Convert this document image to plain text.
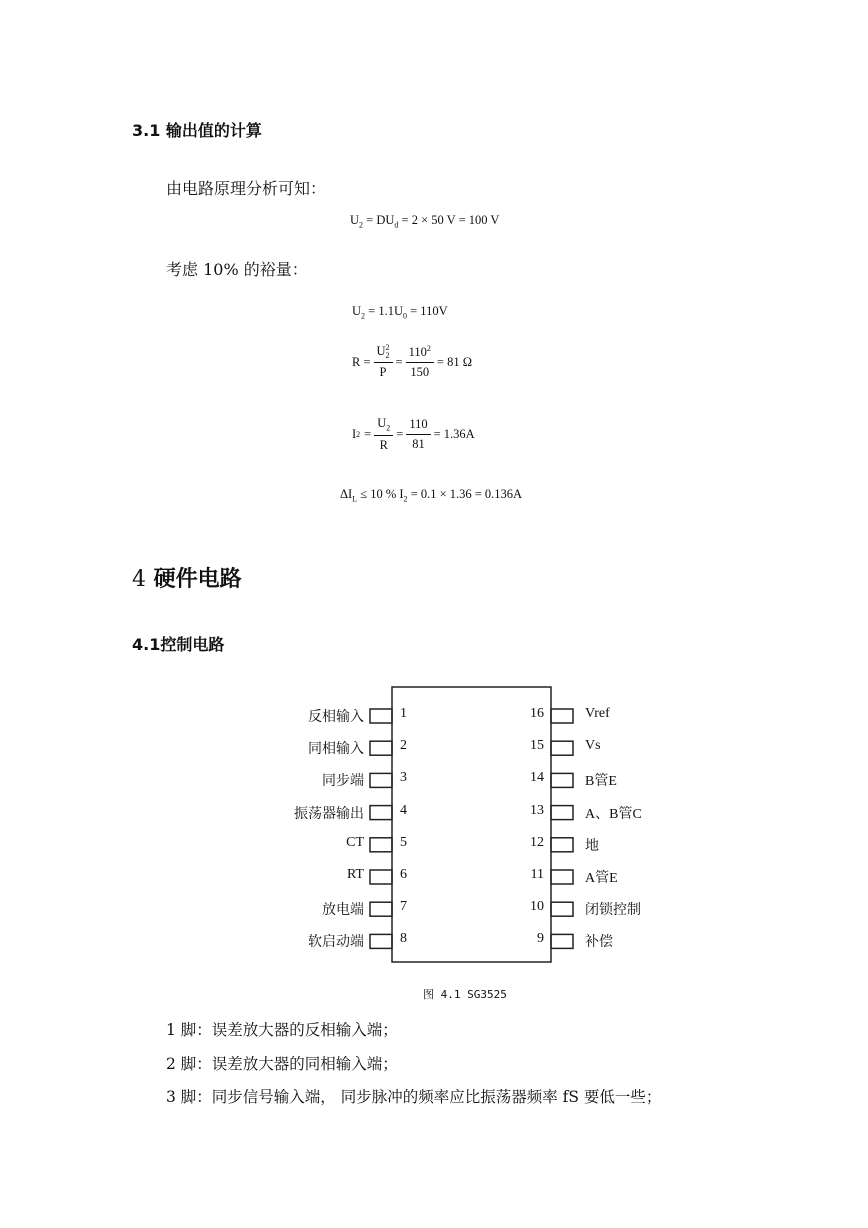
3.1 输出值的计算
由电路原理分析可知：
$U_2 = DU_d = 2 \times 50$ V = 100 V
考虑 10% 的裕量：
$U_2 = 1.1U_0 = 110V$
R = U 2
2
$P = \frac{110^2}{150} = 81$ Ω
I $2 = \frac{U_2}{R} = \frac{110}{81} = 1.36A$
$\Delta I_L \le 10$ % $I_2 = 0.1 \times 1.36 = 0.136A$
4 硬件电路
4.1控制电路
反相输入	1
同相输入	2
同步端	3
振荡器输出	4
CT	5
RT	6
放电端	7
软启动端	8
16	Vref
15	Vs
14	B管E
13	A、B管C
12	地
11	A管E
10	闭锁控制
9	补偿
图 4.1 SG3525
1 脚：误差放大器的反相输入端；
2 脚：误差放大器的同相输入端；
3 脚：同步信号输入端， 同步脉冲的频率应比振荡器频率 fS 要低一些；
